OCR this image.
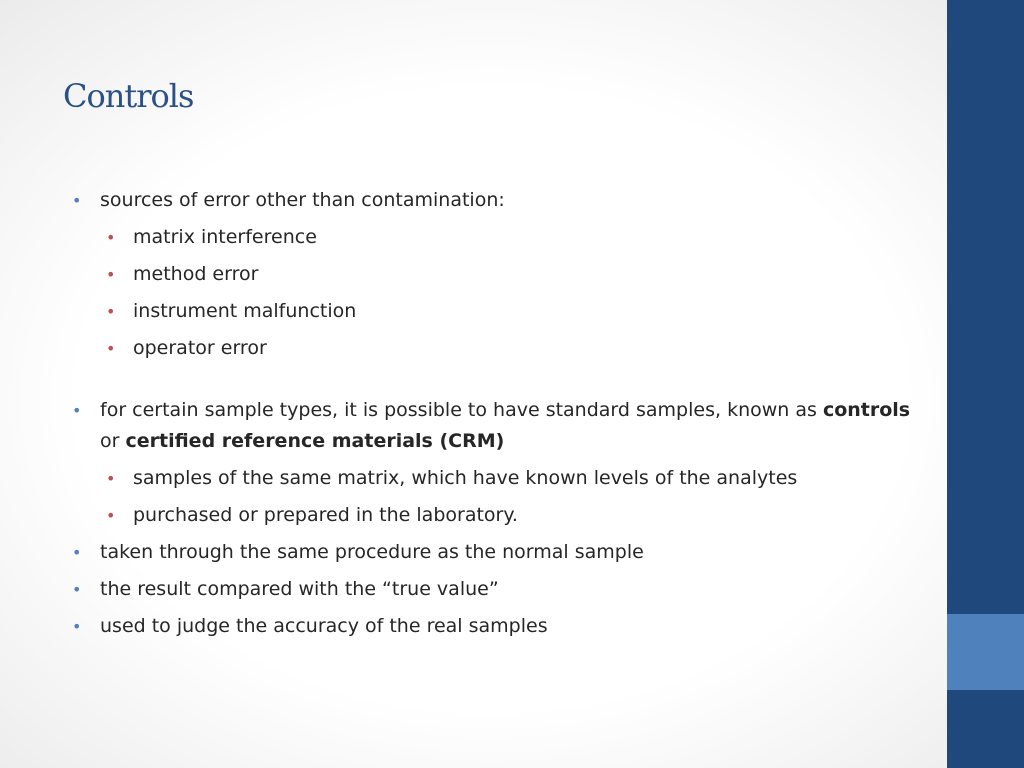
Controls
• sources of error other than contamination:
• matrix interference
• method error
• instrument malfunction
• operator error
• for certain sample types, it is possible to have standard samples, known as controls or certified reference materials (CRM)
• samples of the same matrix, which have known levels of the analytes
• purchased or prepared in the laboratory.
• taken through the same procedure as the normal sample
• the result compared with the “true value”
• used to judge the accuracy of the real samples
